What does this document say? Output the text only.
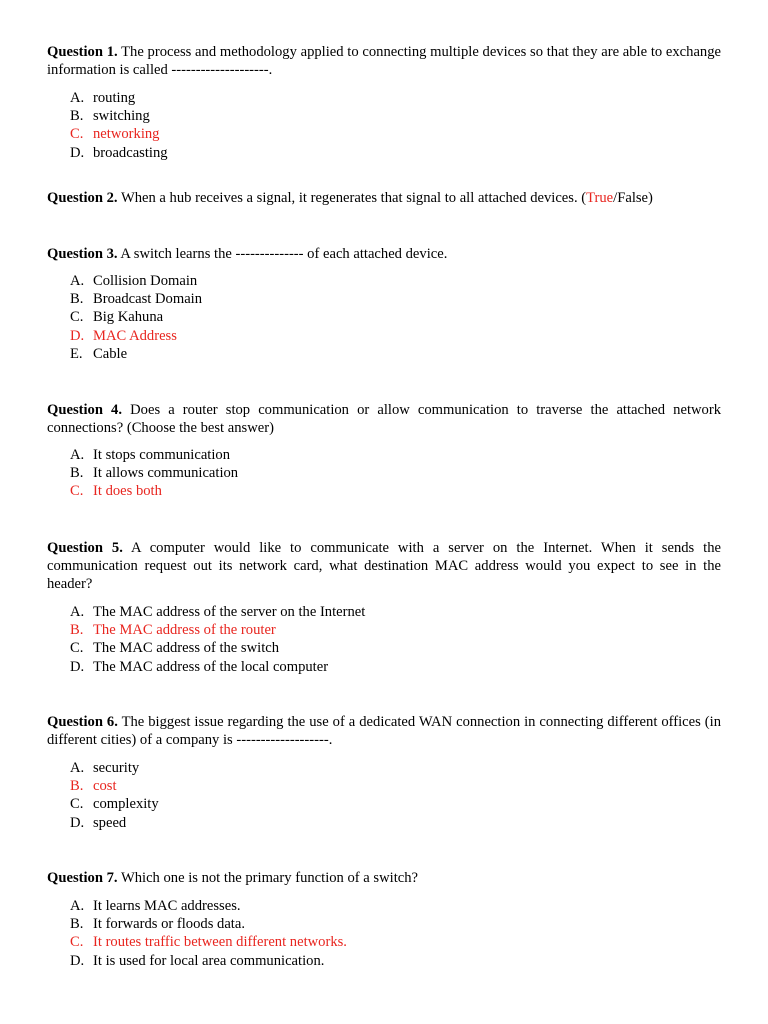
Question 1. The process and methodology applied to connecting multiple devices so that they are able to exchange information is called --------------------.

A. routing
B. switching
C. networking
D. broadcasting

Question 2. When a hub receives a signal, it regenerates that signal to all attached devices. (True/False)

Question 3. A switch learns the -------------- of each attached device.

A. Collision Domain
B. Broadcast Domain
C. Big Kahuna
D. MAC Address
E. Cable

Question 4. Does a router stop communication or allow communication to traverse the attached network connections? (Choose the best answer)

A. It stops communication
B. It allows communication
C. It does both

Question 5. A computer would like to communicate with a server on the Internet. When it sends the communication request out its network card, what destination MAC address would you expect to see in the header?

A. The MAC address of the server on the Internet
B. The MAC address of the router
C. The MAC address of the switch
D. The MAC address of the local computer

Question 6. The biggest issue regarding the use of a dedicated WAN connection in connecting different offices (in different cities) of a company is -------------------.

A. security
B. cost
C. complexity
D. speed

Question 7. Which one is not the primary function of a switch?

A. It learns MAC addresses.
B. It forwards or floods data.
C. It routes traffic between different networks.
D. It is used for local area communication.
